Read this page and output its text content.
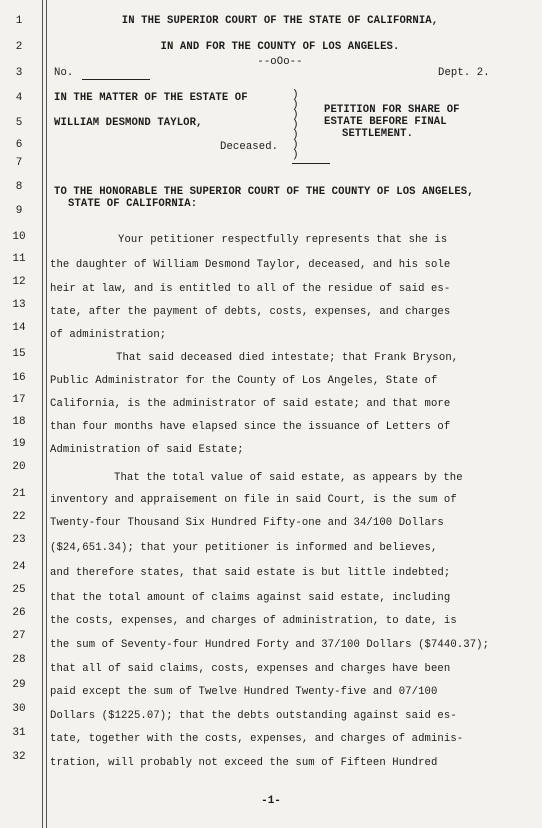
1
2
3
4
5
6
7
8
9
10
11
12
13
14
15
16
17
18
19
20
21
22
23
24
25
26
27
28
29
30
31
32
IN THE SUPERIOR COURT OF THE STATE OF CALIFORNIA,
IN AND FOR THE COUNTY OF LOS ANGELES.
--oOo--
No.	Dept. 2.
IN THE MATTER OF THE ESTATE OF
WILLIAM DESMOND TAYLOR,
Deceased.
)
)
)
)
)
)
)
PETITION FOR SHARE OF
ESTATE BEFORE FINAL
SETTLEMENT.
TO THE HONORABLE THE SUPERIOR COURT OF THE COUNTY OF LOS ANGELES,
STATE OF CALIFORNIA:
Your petitioner respectfully represents that she is
the daughter of William Desmond Taylor, deceased, and his sole
heir at law, and is entitled to all of the residue of said es-
tate, after the payment of debts, costs, expenses, and charges
of administration;
That said deceased died intestate; that Frank Bryson,
Public Administrator for the County of Los Angeles, State of
California, is the administrator of said estate; and that more
than four months have elapsed since the issuance of Letters of
Administration of said Estate;
That the total value of said estate, as appears by the
inventory and appraisement on file in said Court, is the sum of
Twenty-four Thousand Six Hundred Fifty-one and 34/100 Dollars
($24,651.34); that your petitioner is informed and believes,
and therefore states, that said estate is but little indebted;
that the total amount of claims against said estate, including
the costs, expenses, and charges of administration, to date, is
the sum of Seventy-four Hundred Forty and 37/100 Dollars ($7440.37);
that all of said claims, costs, expenses and charges have been
paid except the sum of Twelve Hundred Twenty-five and 07/100
Dollars ($1225.07); that the debts outstanding against said es-
tate, together with the costs, expenses, and charges of adminis-
tration, will probably not exceed the sum of Fifteen Hundred
-1-
